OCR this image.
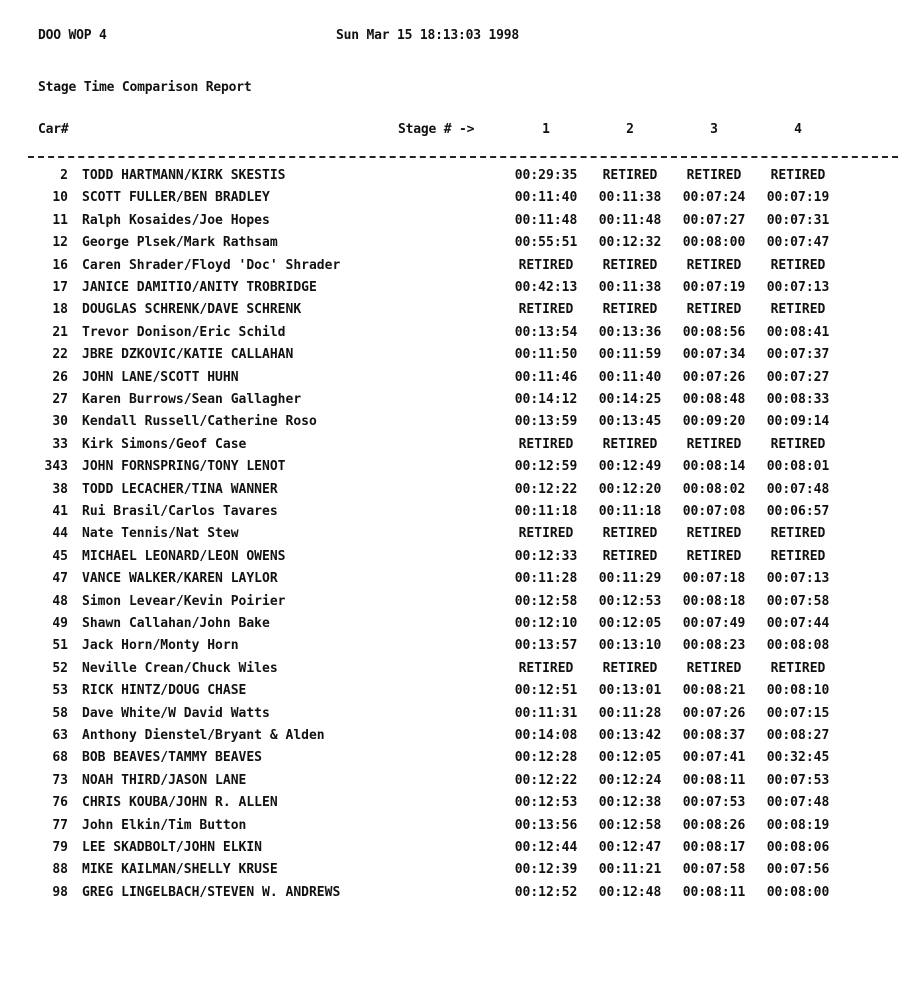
DOO WOP 4	Sun Mar 15 18:13:03 1998
Stage Time Comparison Report
Car#	Stage # ->	1	2	3	4
2 TODD HARTMANN/KIRK SKESTIS	00:29:35	RETIRED	RETIRED	RETIRED
10 SCOTT FULLER/BEN BRADLEY	00:11:40	00:11:38	00:07:24	00:07:19
11 Ralph Kosaides/Joe Hopes	00:11:48	00:11:48	00:07:27	00:07:31
12 George Plsek/Mark Rathsam	00:55:51	00:12:32	00:08:00	00:07:47
16 Caren Shrader/Floyd 'Doc' Shrader	RETIRED	RETIRED	RETIRED	RETIRED
17 JANICE DAMITIO/ANITY TROBRIDGE	00:42:13	00:11:38	00:07:19	00:07:13
18 DOUGLAS SCHRENK/DAVE SCHRENK	RETIRED	RETIRED	RETIRED	RETIRED
21 Trevor Donison/Eric Schild	00:13:54	00:13:36	00:08:56	00:08:41
22 JBRE DZKOVIC/KATIE CALLAHAN	00:11:50	00:11:59	00:07:34	00:07:37
26 JOHN LANE/SCOTT HUHN	00:11:46	00:11:40	00:07:26	00:07:27
27 Karen Burrows/Sean Gallagher	00:14:12	00:14:25	00:08:48	00:08:33
30 Kendall Russell/Catherine Roso	00:13:59	00:13:45	00:09:20	00:09:14
33 Kirk Simons/Geof Case	RETIRED	RETIRED	RETIRED	RETIRED
343 JOHN FORNSPRING/TONY LENOT	00:12:59	00:12:49	00:08:14	00:08:01
38 TODD LECACHER/TINA WANNER	00:12:22	00:12:20	00:08:02	00:07:48
41 Rui Brasil/Carlos Tavares	00:11:18	00:11:18	00:07:08	00:06:57
44 Nate Tennis/Nat Stew	RETIRED	RETIRED	RETIRED	RETIRED
45 MICHAEL LEONARD/LEON OWENS	00:12:33	RETIRED	RETIRED	RETIRED
47 VANCE WALKER/KAREN LAYLOR	00:11:28	00:11:29	00:07:18	00:07:13
48 Simon Levear/Kevin Poirier	00:12:58	00:12:53	00:08:18	00:07:58
49 Shawn Callahan/John Bake	00:12:10	00:12:05	00:07:49	00:07:44
51 Jack Horn/Monty Horn	00:13:57	00:13:10	00:08:23	00:08:08
52 Neville Crean/Chuck Wiles	RETIRED	RETIRED	RETIRED	RETIRED
53 RICK HINTZ/DOUG CHASE	00:12:51	00:13:01	00:08:21	00:08:10
58 Dave White/W David Watts	00:11:31	00:11:28	00:07:26	00:07:15
63 Anthony Dienstel/Bryant & Alden	00:14:08	00:13:42	00:08:37	00:08:27
68 BOB BEAVES/TAMMY BEAVES	00:12:28	00:12:05	00:07:41	00:32:45
73 NOAH THIRD/JASON LANE	00:12:22	00:12:24	00:08:11	00:07:53
76 CHRIS KOUBA/JOHN R. ALLEN	00:12:53	00:12:38	00:07:53	00:07:48
77 John Elkin/Tim Button	00:13:56	00:12:58	00:08:26	00:08:19
79 LEE SKADBOLT/JOHN ELKIN	00:12:44	00:12:47	00:08:17	00:08:06
88 MIKE KAILMAN/SHELLY KRUSE	00:12:39	00:11:21	00:07:58	00:07:56
98 GREG LINGELBACH/STEVEN W. ANDREWS	00:12:52	00:12:48	00:08:11	00:08:00
